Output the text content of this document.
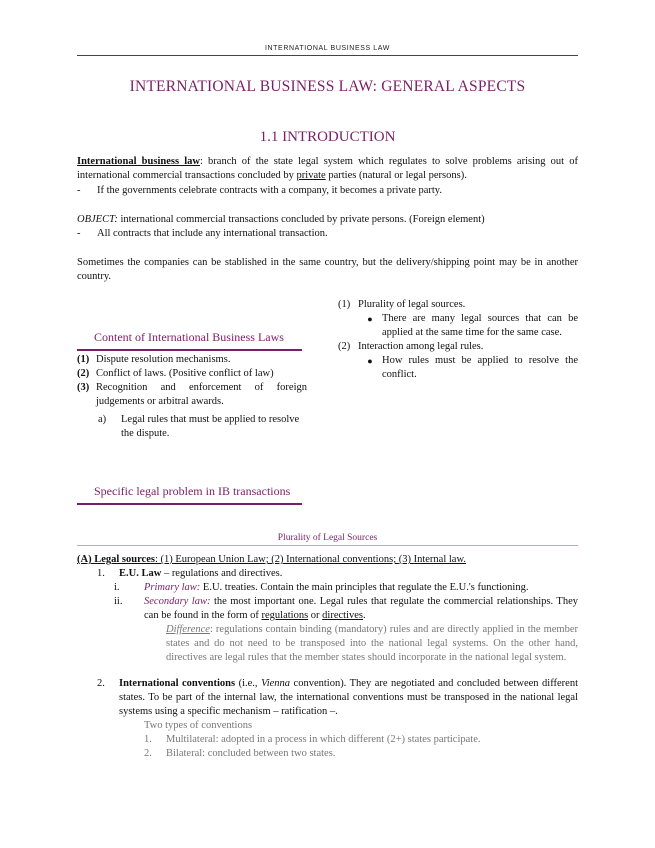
INTERNATIONAL BUSINESS LAW
INTERNATIONAL BUSINESS LAW: GENERAL ASPECTS
1.1 INTRODUCTION
International business law: branch of the state legal system which regulates to solve problems arising out of international commercial transactions concluded by private parties (natural or legal persons).
-	If the governments celebrate contracts with a company, it becomes a private party.
OBJECT: international commercial transactions concluded by private persons. (Foreign element)
-	All contracts that include any international transaction.
Sometimes the companies can be stablished in the same country, but the delivery/shipping point may be in another country.
Content of International Business Laws
(1) Dispute resolution mechanisms.
(2) Conflict of laws. (Positive conflict of law)
(3) Recognition and enforcement of foreign judgements or arbitral awards.
a)	Legal rules that must be applied to resolve the dispute.
Specific legal problem in IB transactions
(1) Plurality of legal sources.
● There are many legal sources that can be applied at the same time for the same case.
(2) Interaction among legal rules.
● How rules must be applied to resolve the conflict.
Plurality of Legal Sources
(A) Legal sources: (1) European Union Law; (2) International conventions; (3) Internal law.
1.	E.U. Law – regulations and directives.
i.	Primary law: E.U. treaties. Contain the main principles that regulate the E.U.'s functioning.
ii.	Secondary law: the most important one. Legal rules that regulate the commercial relationships. They can be found in the form of regulations or directives.
Difference: regulations contain binding (mandatory) rules and are directly applied in the member states and do not need to be transposed into the national legal systems. On the other hand, directives are legal rules that the member states should incorporate in the national legal system.
2.	International conventions (i.e., Vienna convention). They are negotiated and concluded between different states. To be part of the internal law, the international conventions must be transposed in the national legal systems using a specific mechanism – ratification –.
Two types of conventions
1.	Multilateral: adopted in a process in which different (2+) states participate.
2.	Bilateral: concluded between two states.
